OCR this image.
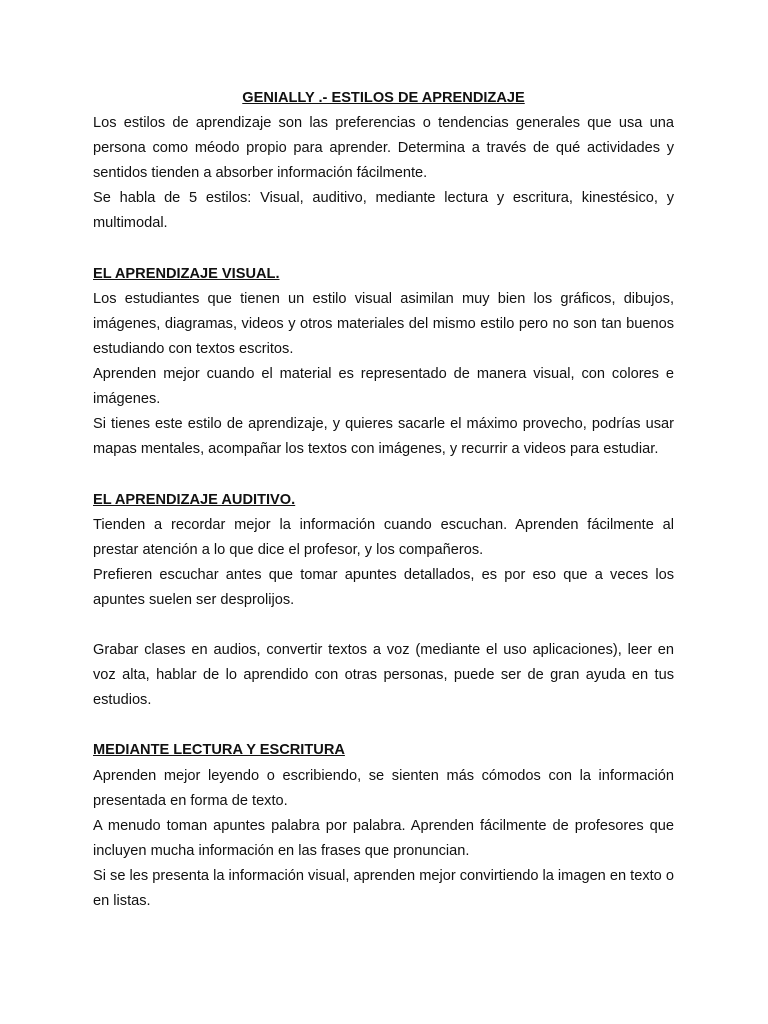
GENIALLY .- ESTILOS DE APRENDIZAJE

Los estilos de aprendizaje son las preferencias o tendencias generales que usa una persona como méodo propio para aprender. Determina a través de qué actividades y sentidos tienden a absorber información fácilmente.

Se habla de 5 estilos: Visual, auditivo, mediante lectura y escritura, kinestésico, y multimodal.

EL APRENDIZAJE VISUAL.

Los estudiantes que tienen un estilo visual asimilan muy bien los gráficos, dibujos, imágenes, diagramas, videos y otros materiales del mismo estilo pero no son tan buenos estudiando con textos escritos.

Aprenden mejor cuando el material es representado de manera visual, con colores e imágenes.

Si tienes este estilo de aprendizaje, y quieres sacarle el máximo provecho, podrías usar mapas mentales, acompañar los textos con imágenes, y recurrir a videos para estudiar.

EL APRENDIZAJE AUDITIVO.

Tienden a recordar mejor la información cuando escuchan. Aprenden fácilmente al prestar atención a lo que dice el profesor, y los compañeros.

Prefieren escuchar antes que tomar apuntes detallados, es por eso que a veces los apuntes suelen ser desprolijos.

Grabar clases en audios, convertir textos a voz (mediante el uso aplicaciones), leer en voz alta, hablar de lo aprendido con otras personas, puede ser de gran ayuda en tus estudios.

MEDIANTE LECTURA Y ESCRITURA

Aprenden mejor leyendo o escribiendo, se sienten más cómodos con la información presentada en forma de texto.

A menudo toman apuntes palabra por palabra. Aprenden fácilmente de profesores que incluyen mucha información en las frases que pronuncian.

Si se les presenta la información visual, aprenden mejor convirtiendo la imagen en texto o en listas.
